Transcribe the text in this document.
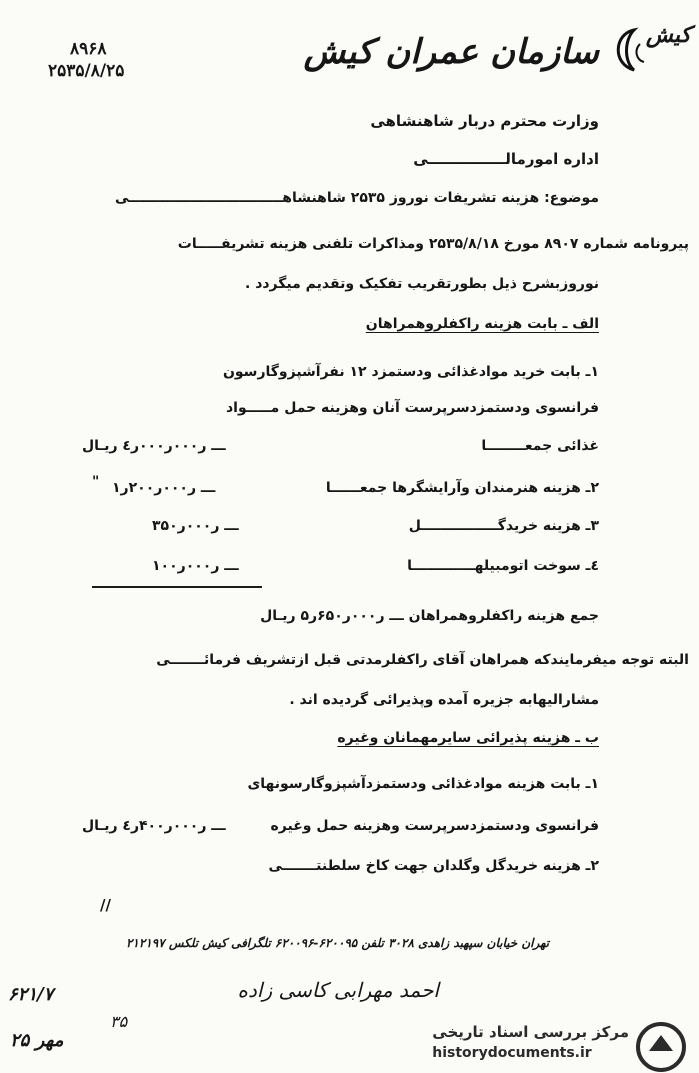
کیش
سازمان عمران کیش
۸۹۶۸
۲۵۳۵/۸/۲۵
وزارت محترم دربار شاهنشاهی
اداره امورمالـــــــــــــــی
موضوع: هزینه تشریفات نوروز ۲۵۳۵ شاهنشاهــــــــــــــــــــــــــــــــی
پیرونامه شماره ۸۹۰۷ مورخ ۲۵۳۵/۸/۱۸ ومذاکرات تلفنی هزینه تشریفـــــات
نوروزبشرح ذیل بطورتقریب تفکیک وتقدیم میگردد .
الف ـ بابت هزینه راکفلروهمراهان
۱ـ بابت خرید موادغذائی ودستمزد ۱۲ نفرآشپزوگارسون
فرانسوی ودستمزدسرپرست آنان وهزینه حمل مـــــواد
غذائی جمعــــــــا
ـــ ر۰۰۰ر۰۰۰ر٤ ریـال
۲ـ هزینه هنرمندان وآرایشگرها جمعــــــا
ـــ ر۰۰۰ر۲۰۰ر۱
"
۳ـ هزینه خریدگــــــــــــــــل
ـــ ر۰۰۰ر۳۵۰
٤ـ سوخت اتومبیلهـــــــــــــا
ـــ ر۰۰۰ر۱۰۰
جمع هزینه راکفلروهمراهان ـــ ر۰۰۰ر۶۵۰ر۵ ریـال
البته توجه میفرمایندکه همراهان آقای راکفلرمدتی قبل ازتشریف فرمائـــــــی
مشارالیهابه جزیره آمده وپذیرائی گردیده اند .
ب ـ هزینه پذیرائی سایرمهمانان وغیره
۱ـ بابت هزینه موادغذائی ودستمزدآشپزوگارسونهای
فرانسوی ودستمزدسرپرست وهزینه حمل وغیره
ـــ ر۰۰۰ر۴۰۰ر٤ ریـال
۲ـ هزینه خریدگل وگلدان جهت کاخ سلطنتـــــــی
//
تهران خیابان سپهبد زاهدی ۳۰۲۸ تلفن ۶۲۰۰۹۵-۶۲۰۰۹۶ تلگرافی کیش تلکس ۲۱۲۱۹۷
احمد مهرابی کاسی زاده
۶۲۱/۷
۳۵
۲۵ مهر	مرکز بررسی اسناد تاریخی
historydocuments.ir
